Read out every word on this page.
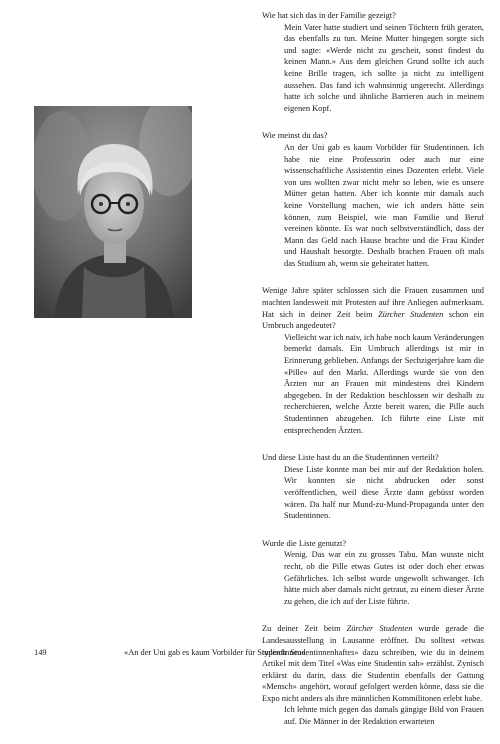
Wie hat sich das in der Familie gezeigt?

Mein Vater hatte studiert und seinen Töchtern früh geraten, das ebenfalls zu tun. Meine Mutter hingegen sorgte sich und sagte: «Werde nicht zu gescheit, sonst findest du keinen Mann.» Aus dem gleichen Grund sollte ich auch keine Brille tragen, ich sollte ja nicht zu intelligent aussehen. Das fand ich wahnsinnig ungerecht. Allerdings hatte ich solche und ähnliche Barrieren auch in meinem eigenen Kopf.

Wie meinst du das?

An der Uni gab es kaum Vorbilder für Studentinnen. Ich habe nie eine Professorin oder auch nur eine wissenschaftliche Assistentin eines Dozenten erlebt. Viele von uns wollten zwar nicht mehr so leben, wie es unsere Mütter getan hatten. Aber ich konnte mir damals auch keine Vorstellung machen, wie ich anders hätte sein können, zum Beispiel, wie man Familie und Beruf vereinen könnte. Es war noch selbstverständlich, dass der Mann das Geld nach Hause brachte und die Frau Kinder und Haushalt besorgte. Deshalb brachen Frauen oft mals das Studium ab, wenn sie geheiratet hatten.

Wenige Jahre später schlossen sich die Frauen zusammen und machten landesweit mit Protesten auf ihre Anliegen aufmerksam. Hat sich in deiner Zeit beim Zürcher Studenten schon ein Umbruch angedeutet?

Vielleicht war ich naiv, ich habe noch kaum Veränderungen bemerkt damals. Ein Umbruch allerdings ist mir in Erinnerung geblieben. Anfangs der Sechzigerjahre kam die «Pille» auf den Markt. Allerdings wurde sie von den Ärzten nur an Frauen mit mindestens drei Kindern abgegeben. In der Redaktion beschlossen wir deshalb zu recherchieren, welche Ärzte bereit waren, die Pille auch Studentinnen abzugeben. Ich führte eine Liste mit entsprechenden Ärzten.

Und diese Liste hast du an die Studentinnen verteilt?

Diese Liste konnte man bei mir auf der Redaktion holen. Wir konnten sie nicht abdrucken oder sonst veröffentlichen, weil diese Ärzte dann gebüsst worden wären. Da half nur Mund-zu-Mund-Propaganda unter den Studentinnen.

Wurde die Liste genutzt?

Wenig. Das war ein zu grosses Tabu. Man wusste nicht recht, ob die Pille etwas Gutes ist oder doch eher etwas Gefährliches. Ich selbst wurde ungewollt schwanger. Ich hätte mich aber damals nicht getraut, zu einem dieser Ärzte zu gehen, die ich auf der Liste führte.

Zu deiner Zeit beim Zürcher Studenten wurde gerade die Landesausstellung in Lausanne eröffnet. Du solltest «etwas typisch Studentinnenhaftes» dazu schreiben, wie du in deinem Artikel mit dem Titel «Was eine Studentin sah» erzählst. Zynisch erklärst du darin, dass die Studentin ebenfalls der Gattung «Mensch» angehört, worauf gefolgert werden könne, dass sie die Expo nicht anders als ihre männlichen Kommilitonen erlebt habe.

Ich lehnte mich gegen das damals gängige Bild von Frauen auf. Die Männer in der Redaktion erwarteten

149	«An der Uni gab es kaum Vorbilder für Studentinnen»
